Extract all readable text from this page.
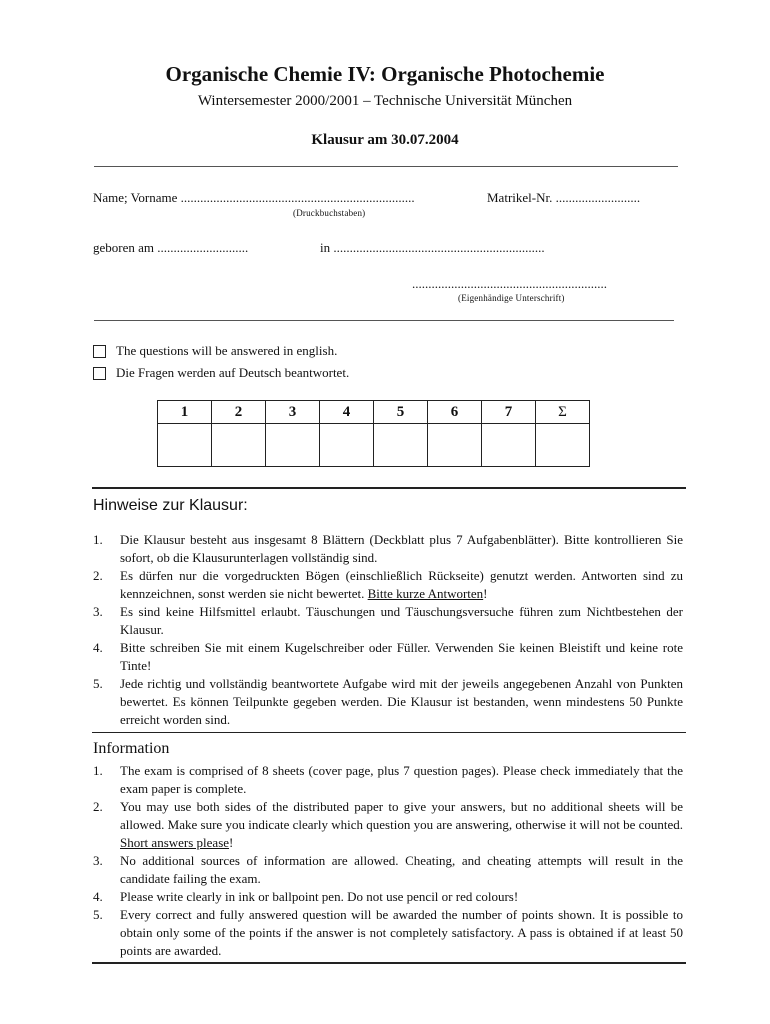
Organische Chemie IV: Organische Photochemie
Wintersemester 2000/2001 – Technische Universität München
Klausur am 30.07.2004
Name; Vorname ........................................................................	Matrikel-Nr. ..........................
(Druckbuchstaben)
geboren am ............................	in .................................................................
............................................................
(Eigenhändige Unterschrift)
The questions will be answered in english.
Die Fragen werden auf Deutsch beantwortet.
1	2	3	4	5	6	7	Σ

Hinweise zur Klausur:
1. Die Klausur besteht aus insgesamt 8 Blättern (Deckblatt plus 7 Aufgabenblätter). Bitte kontrollieren Sie sofort, ob die Klausurunterlagen vollständig sind.
2. Es dürfen nur die vorgedruckten Bögen (einschließlich Rückseite) genutzt werden. Antworten sind zu kennzeichnen, sonst werden sie nicht bewertet. Bitte kurze Antworten!
3. Es sind keine Hilfsmittel erlaubt. Täuschungen und Täuschungsversuche führen zum Nichtbestehen der Klausur.
4. Bitte schreiben Sie mit einem Kugelschreiber oder Füller. Verwenden Sie keinen Bleistift und keine rote Tinte!
5. Jede richtig und vollständig beantwortete Aufgabe wird mit der jeweils angegebenen Anzahl von Punkten bewertet. Es können Teilpunkte gegeben werden. Die Klausur ist bestanden, wenn mindestens 50 Punkte erreicht worden sind.
Information
1. The exam is comprised of 8 sheets (cover page, plus 7 question pages). Please check immediately that the exam paper is complete.
2. You may use both sides of the distributed paper to give your answers, but no additional sheets will be allowed. Make sure you indicate clearly which question you are answering, otherwise it will not be counted. Short answers please!
3. No additional sources of information are allowed. Cheating, and cheating attempts will result in the candidate failing the exam.
4. Please write clearly in ink or ballpoint pen. Do not use pencil or red colours!
5. Every correct and fully answered question will be awarded the number of points shown. It is possible to obtain only some of the points if the answer is not completely satisfactory. A pass is obtained if at least 50 points are awarded.
